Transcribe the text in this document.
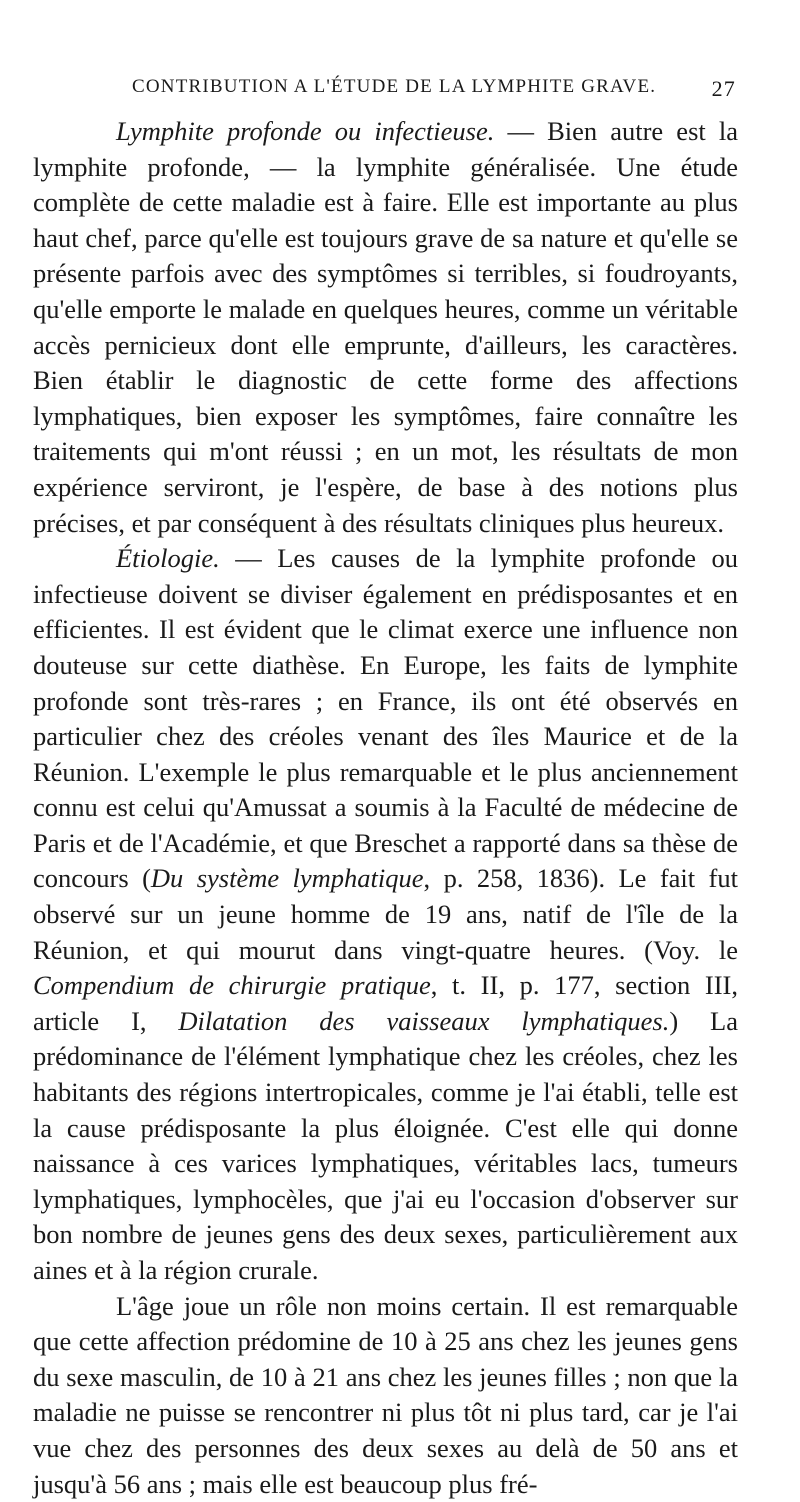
CONTRIBUTION A L'ÉTUDE DE LA LYMPHITE GRAVE.	27

Lymphite profonde ou infectieuse. — Bien autre est la lymphite profonde, — la lymphite généralisée. Une étude complète de cette maladie est à faire. Elle est importante au plus haut chef, parce qu'elle est toujours grave de sa nature et qu'elle se présente parfois avec des symptômes si terribles, si foudroyants, qu'elle emporte le malade en quelques heures, comme un véritable accès pernicieux dont elle emprunte, d'ailleurs, les caractères. Bien établir le diagnostic de cette forme des affections lymphatiques, bien exposer les symptômes, faire connaître les traitements qui m'ont réussi ; en un mot, les résultats de mon expérience serviront, je l'espère, de base à des notions plus précises, et par conséquent à des résultats cliniques plus heureux.

Étiologie. — Les causes de la lymphite profonde ou infectieuse doivent se diviser également en prédisposantes et en efficientes. Il est évident que le climat exerce une influence non douteuse sur cette diathèse. En Europe, les faits de lymphite profonde sont très-rares ; en France, ils ont été observés en particulier chez des créoles venant des îles Maurice et de la Réunion. L'exemple le plus remarquable et le plus anciennement connu est celui qu'Amussat a soumis à la Faculté de médecine de Paris et de l'Académie, et que Breschet a rapporté dans sa thèse de concours (Du système lymphatique, p. 258, 1836). Le fait fut observé sur un jeune homme de 19 ans, natif de l'île de la Réunion, et qui mourut dans vingt-quatre heures. (Voy. le Compendium de chirurgie pratique, t. II, p. 177, section III, article I, Dilatation des vaisseaux lymphatiques.) La prédominance de l'élément lymphatique chez les créoles, chez les habitants des régions intertropicales, comme je l'ai établi, telle est la cause prédisposante la plus éloignée. C'est elle qui donne naissance à ces varices lymphatiques, véritables lacs, tumeurs lymphatiques, lymphocèles, que j'ai eu l'occasion d'observer sur bon nombre de jeunes gens des deux sexes, particulièrement aux aines et à la région crurale.

L'âge joue un rôle non moins certain. Il est remarquable que cette affection prédomine de 10 à 25 ans chez les jeunes gens du sexe masculin, de 10 à 21 ans chez les jeunes filles ; non que la maladie ne puisse se rencontrer ni plus tôt ni plus tard, car je l'ai vue chez des personnes des deux sexes au delà de 50 ans et jusqu'à 56 ans ; mais elle est beaucoup plus fré-
